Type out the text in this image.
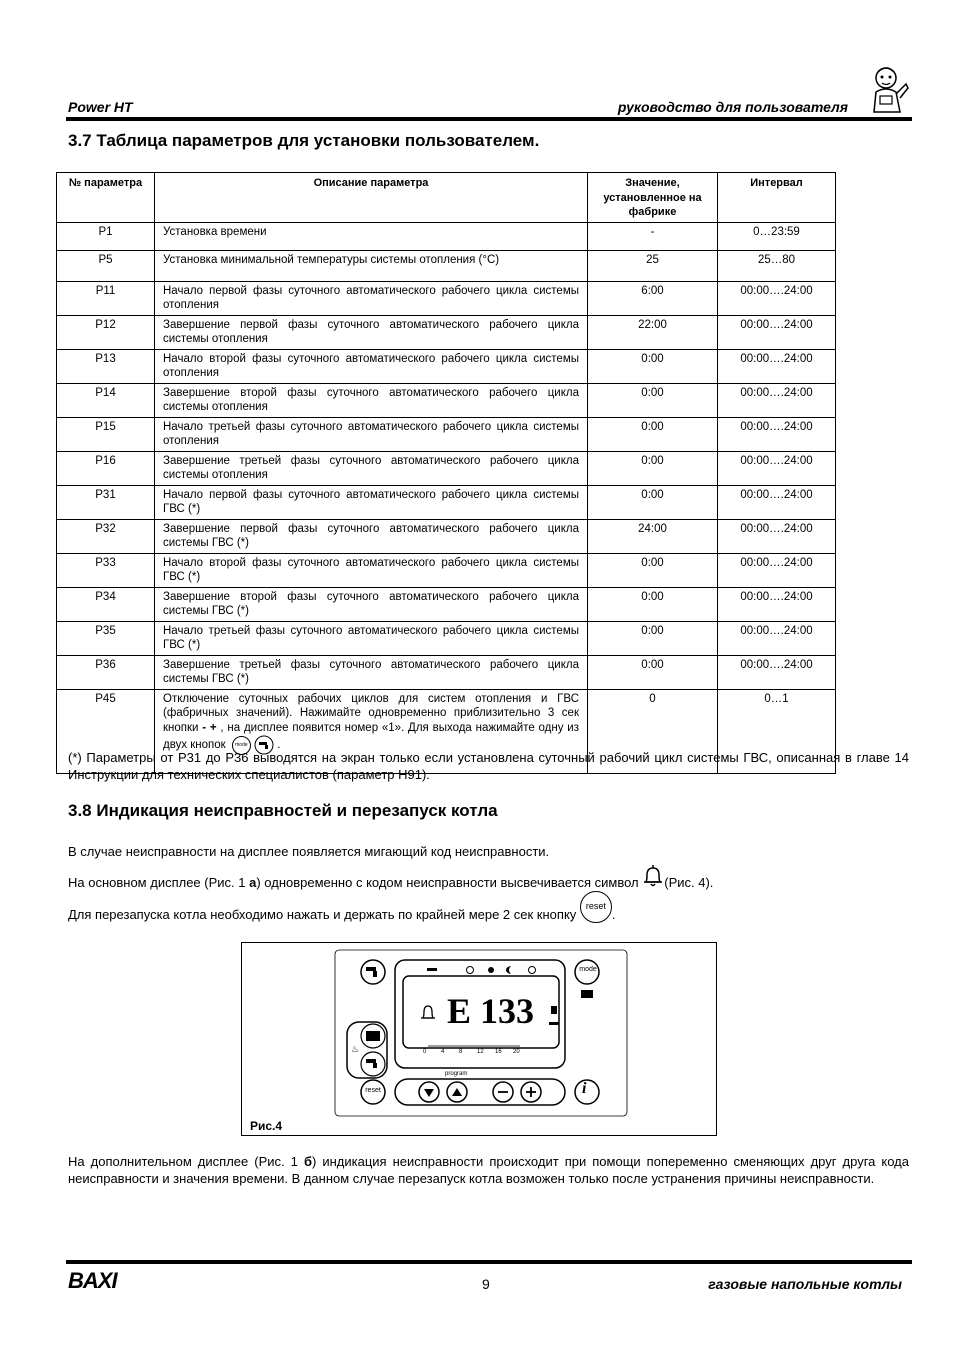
Power HT	руководство для пользователя
3.7 Таблица параметров для установки пользователем.
№ параметра	Описание параметра	Значение, установленное на фабрике	Интервал
P1	Установка времени	-	0…23:59
P5	Установка минимальной температуры системы отопления (°C)	25	25…80
P11	Начало первой фазы суточного автоматического рабочего цикла системы отопления	6:00	00:00….24:00
P12	Завершение первой фазы суточного автоматического рабочего цикла системы отопления	22:00	00:00….24:00
P13	Начало второй фазы суточного автоматического рабочего цикла системы отопления	0:00	00:00….24:00
P14	Завершение второй фазы суточного автоматического рабочего цикла системы отопления	0:00	00:00….24:00
P15	Начало третьей фазы суточного автоматического рабочего цикла системы отопления	0:00	00:00….24:00
P16	Завершение третьей фазы суточного автоматического рабочего цикла системы отопления	0:00	00:00….24:00
P31	Начало первой фазы суточного автоматического рабочего цикла системы ГВС (*)	0:00	00:00….24:00
P32	Завершение первой фазы суточного автоматического рабочего цикла системы ГВС (*)	24:00	00:00….24:00
P33	Начало второй фазы суточного автоматического рабочего цикла системы ГВС (*)	0:00	00:00….24:00
P34	Завершение второй фазы суточного автоматического рабочего цикла системы ГВС (*)	0:00	00:00….24:00
P35	Начало третьей фазы суточного автоматического рабочего цикла системы ГВС (*)	0:00	00:00….24:00
P36	Завершение третьей фазы суточного автоматического рабочего цикла системы ГВС (*)	0:00	00:00….24:00
P45	Отключение суточных рабочих циклов для систем отопления и ГВС (фабричных значений). Нажимайте одновременно приблизительно 3 сек кнопки - + , на дисплее появится номер «1». Для выхода нажимайте одну из двух кнопок mode  .	0	0…1

(*) Параметры от P31 до P36 выводятся на экран только если установлена суточный рабочий цикл системы ГВС, описанная в главе 14 Инструкции для технических специалистов (параметр H91).

3.8 Индикация неисправностей и перезапуск котла

В случае неисправности на дисплее появляется мигающий код неисправности.

На основном дисплее (Рис. 1 а) одновременно с кодом неисправности высвечивается символ (Рис. 4).

Для перезапуска котла необходимо нажать и держать по крайней мере 2 сек кнопку
reset
.

♨
E 133
mode
reset	i
program
0 4 8 12 16 20
Рис.4

На дополнительном дисплее (Рис. 1 б) индикация неисправности происходит при помощи попеременно сменяющих друг друга кода неисправности и значения времени. В данном случае перезапуск котла возможен только после устранения причины неисправности.

BAXI	9	газовые напольные котлы
